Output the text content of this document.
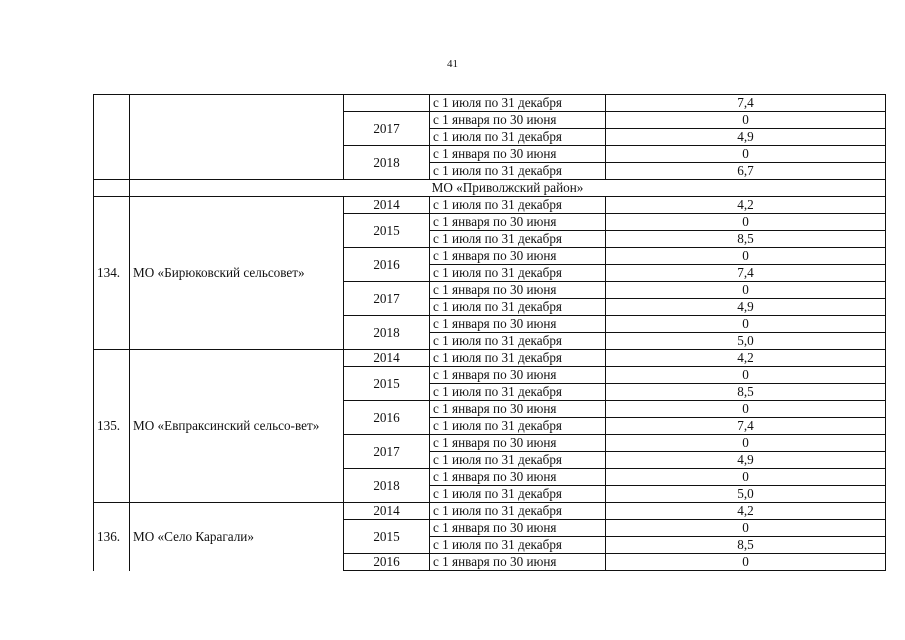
41
			с 1 июля по 31 декабря	7,4
		2017	с 1 января по 30 июня	0
			с 1 июля по 31 декабря	4,9
		2018	с 1 января по 30 июня	0
			с 1 июля по 31 декабря	6,7
	МО «Приволжский район»			
134.	МО «Бирюковский сельсовет»	2014	с 1 июля по 31 декабря	4,2
		2015	с 1 января по 30 июня	0
			с 1 июля по 31 декабря	8,5
		2016	с 1 января по 30 июня	0
			с 1 июля по 31 декабря	7,4
		2017	с 1 января по 30 июня	0
			с 1 июля по 31 декабря	4,9
		2018	с 1 января по 30 июня	0
			с 1 июля по 31 декабря	5,0
135.	МО «Евпраксинский сельсо-вет»	2014	с 1 июля по 31 декабря	4,2
		2015	с 1 января по 30 июня	0
			с 1 июля по 31 декабря	8,5
		2016	с 1 января по 30 июня	0
			с 1 июля по 31 декабря	7,4
		2017	с 1 января по 30 июня	0
			с 1 июля по 31 декабря	4,9
		2018	с 1 января по 30 июня	0
			с 1 июля по 31 декабря	5,0
136.	МО «Село Карагали»	2014	с 1 июля по 31 декабря	4,2
		2015	с 1 января по 30 июня	0
			с 1 июля по 31 декабря	8,5
		2016	с 1 января по 30 июня	0
